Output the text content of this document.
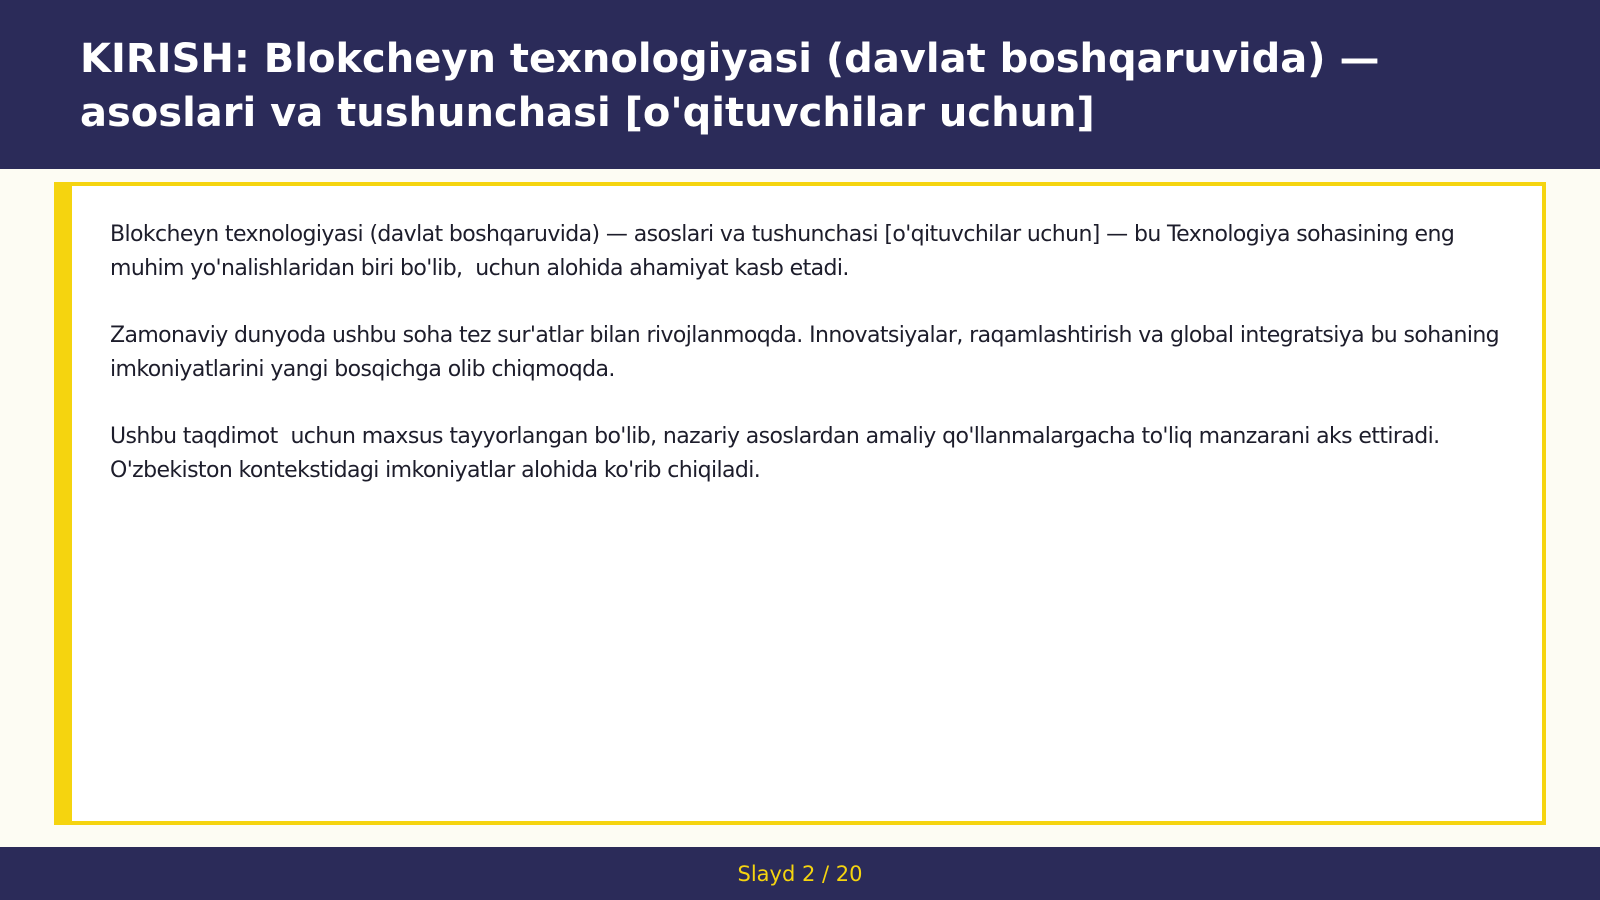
KIRISH: Blokcheyn texnologiyasi (davlat boshqaruvida) — asoslari va tushunchasi [o'qituvchilar uchun]

Blokcheyn texnologiyasi (davlat boshqaruvida) — asoslari va tushunchasi [o'qituvchilar uchun] — bu Texnologiya sohasining eng muhim yo'nalishlaridan biri bo'lib,  uchun alohida ahamiyat kasb etadi.

Zamonaviy dunyoda ushbu soha tez sur'atlar bilan rivojlanmoqda. Innovatsiyalar, raqamlashtirish va global integratsiya bu sohaning imkoniyatlarini yangi bosqichga olib chiqmoqda.

Ushbu taqdimot  uchun maxsus tayyorlangan bo'lib, nazariy asoslardan amaliy qo'llanmalargacha to'liq manzarani aks ettiradi. O'zbekiston kontekstidagi imkoniyatlar alohida ko'rib chiqiladi.

Slayd 2 / 20
